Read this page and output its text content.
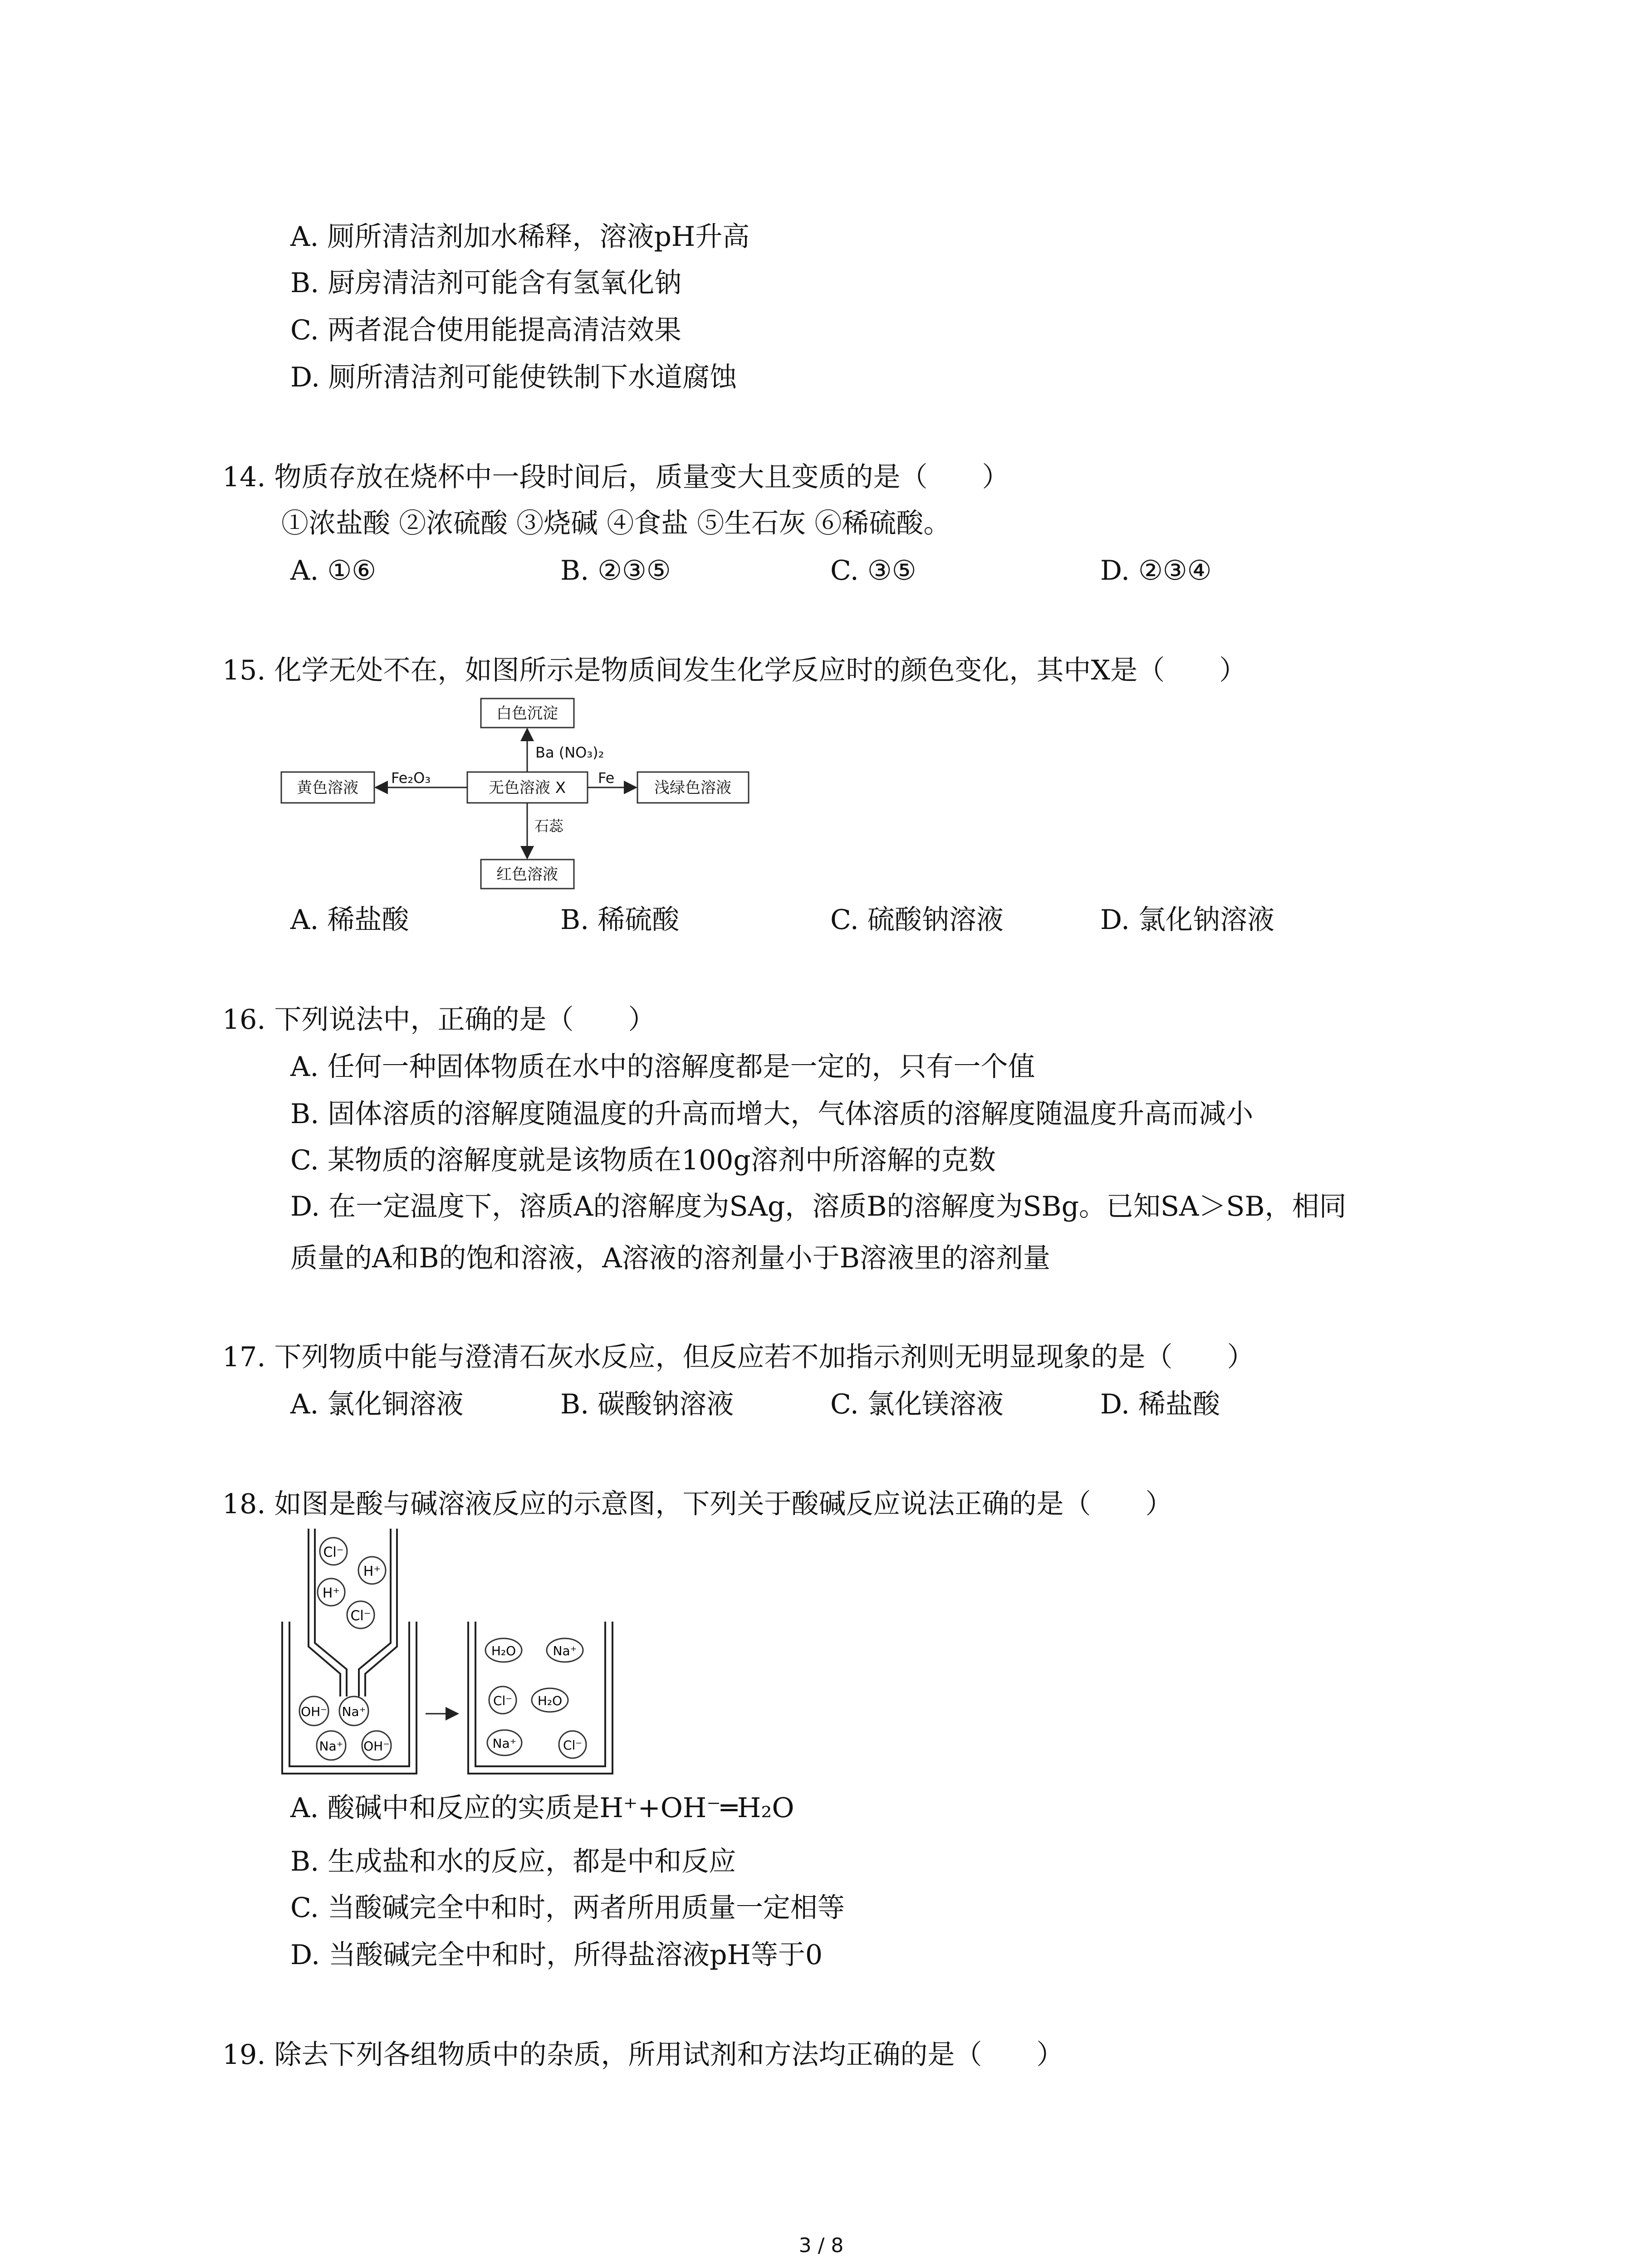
A. 厕所清洁剂加水稀释，溶液pH升高
B. 厨房清洁剂可能含有氢氧化钠
C. 两者混合使用能提高清洁效果
D. 厕所清洁剂可能使铁制下水道腐蚀
14. 物质存放在烧杯中一段时间后，质量变大且变质的是（　　）
①浓盐酸 ②浓硫酸 ③烧碱 ④食盐 ⑤生石灰 ⑥稀硫酸。
A. ①⑥	B. ②③⑤	C. ③⑤	D. ②③④
15. 化学无处不在，如图所示是物质间发生化学反应时的颜色变化，其中X是（　　）
白色沉淀
无色溶液 X
黄色溶液	浅绿色溶液
红色溶液
Ba (NO₃)₂
Fe₂O₃	Fe
石蕊
A. 稀盐酸	B. 稀硫酸	C. 硫酸钠溶液	D. 氯化钠溶液
16. 下列说法中，正确的是（　　）
A. 任何一种固体物质在水中的溶解度都是一定的，只有一个值
B. 固体溶质的溶解度随温度的升高而增大，气体溶质的溶解度随温度升高而减小
C. 某物质的溶解度就是该物质在100g溶剂中所溶解的克数
D. 在一定温度下，溶质A的溶解度为SAg，溶质B的溶解度为SBg。已知SA＞SB，相同
质量的A和B的饱和溶液，A溶液的溶剂量小于B溶液里的溶剂量
17. 下列物质中能与澄清石灰水反应，但反应若不加指示剂则无明显现象的是（　　）
A. 氯化铜溶液	B. 碳酸钠溶液	C. 氯化镁溶液	D. 稀盐酸
18. 如图是酸与碱溶液反应的示意图，下列关于酸碱反应说法正确的是（　　）
Cl⁻
H⁺
H⁺
Cl⁻
OH⁻ Na⁺
Na⁺ OH⁻
H₂O	Na⁺
Cl⁻ H₂O
Na⁺	Cl⁻
A. 酸碱中和反应的实质是H⁺+OH⁻═H₂O
B. 生成盐和水的反应，都是中和反应
C. 当酸碱完全中和时，两者所用质量一定相等
D. 当酸碱完全中和时，所得盐溶液pH等于0
19. 除去下列各组物质中的杂质，所用试剂和方法均正确的是（　　）
3 / 8
